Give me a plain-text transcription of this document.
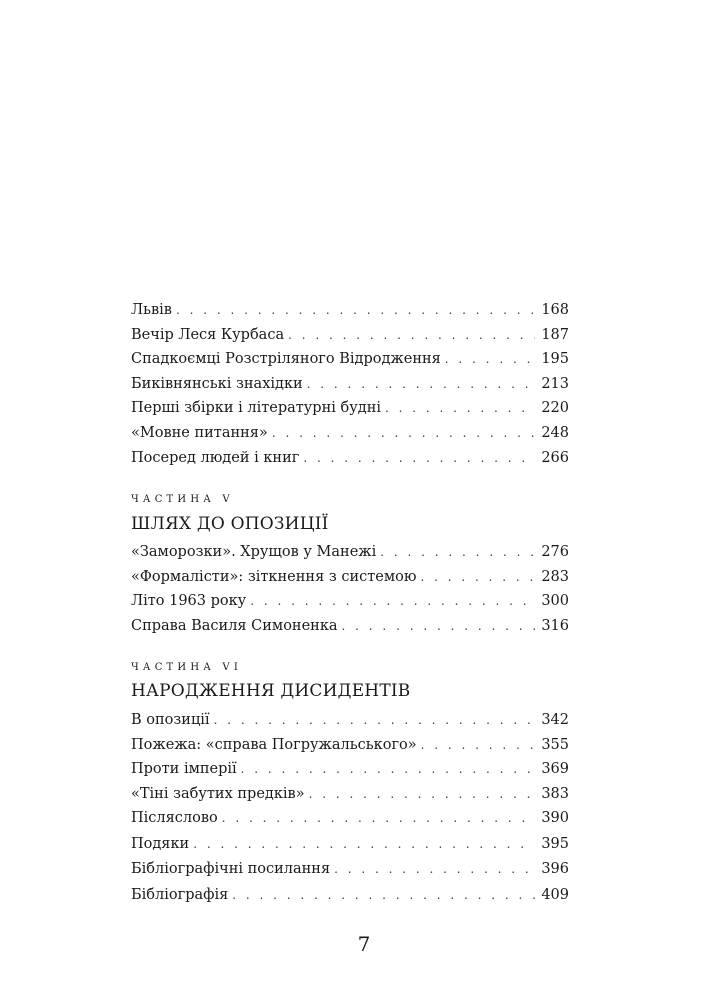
Львів . . .	168
Вечір Леся Курбаса . . .	187
Спадкоємці Розстріляного Відродження . . .	195
Биківнянські знахідки . . .	213
Перші збірки і літературні будні . . .	220
«Мовне питання» . . .	248
Посеред людей і книг . . .	266
ЧАСТИНА V
ШЛЯХ ДО ОПОЗИЦІЇ
«Заморозки». Хрущов у Манежі . . .	276
«Формалісти»: зіткнення з системою . . .	283
Літо 1963 року . . .	300
Справа Василя Симоненка . . .	316
ЧАСТИНА VI
НАРОДЖЕННЯ ДИСИДЕНТІВ
В опозиції . . .	342
Пожежа: «справа Погружальського» . . .	355
Проти імперії . . .	369
«Тіні забутих предків» . . .	383
Післяслово . . .	390
Подяки . . .	395
Бібліографічні посилання . . .	396
Бібліографія . . .	409
7
